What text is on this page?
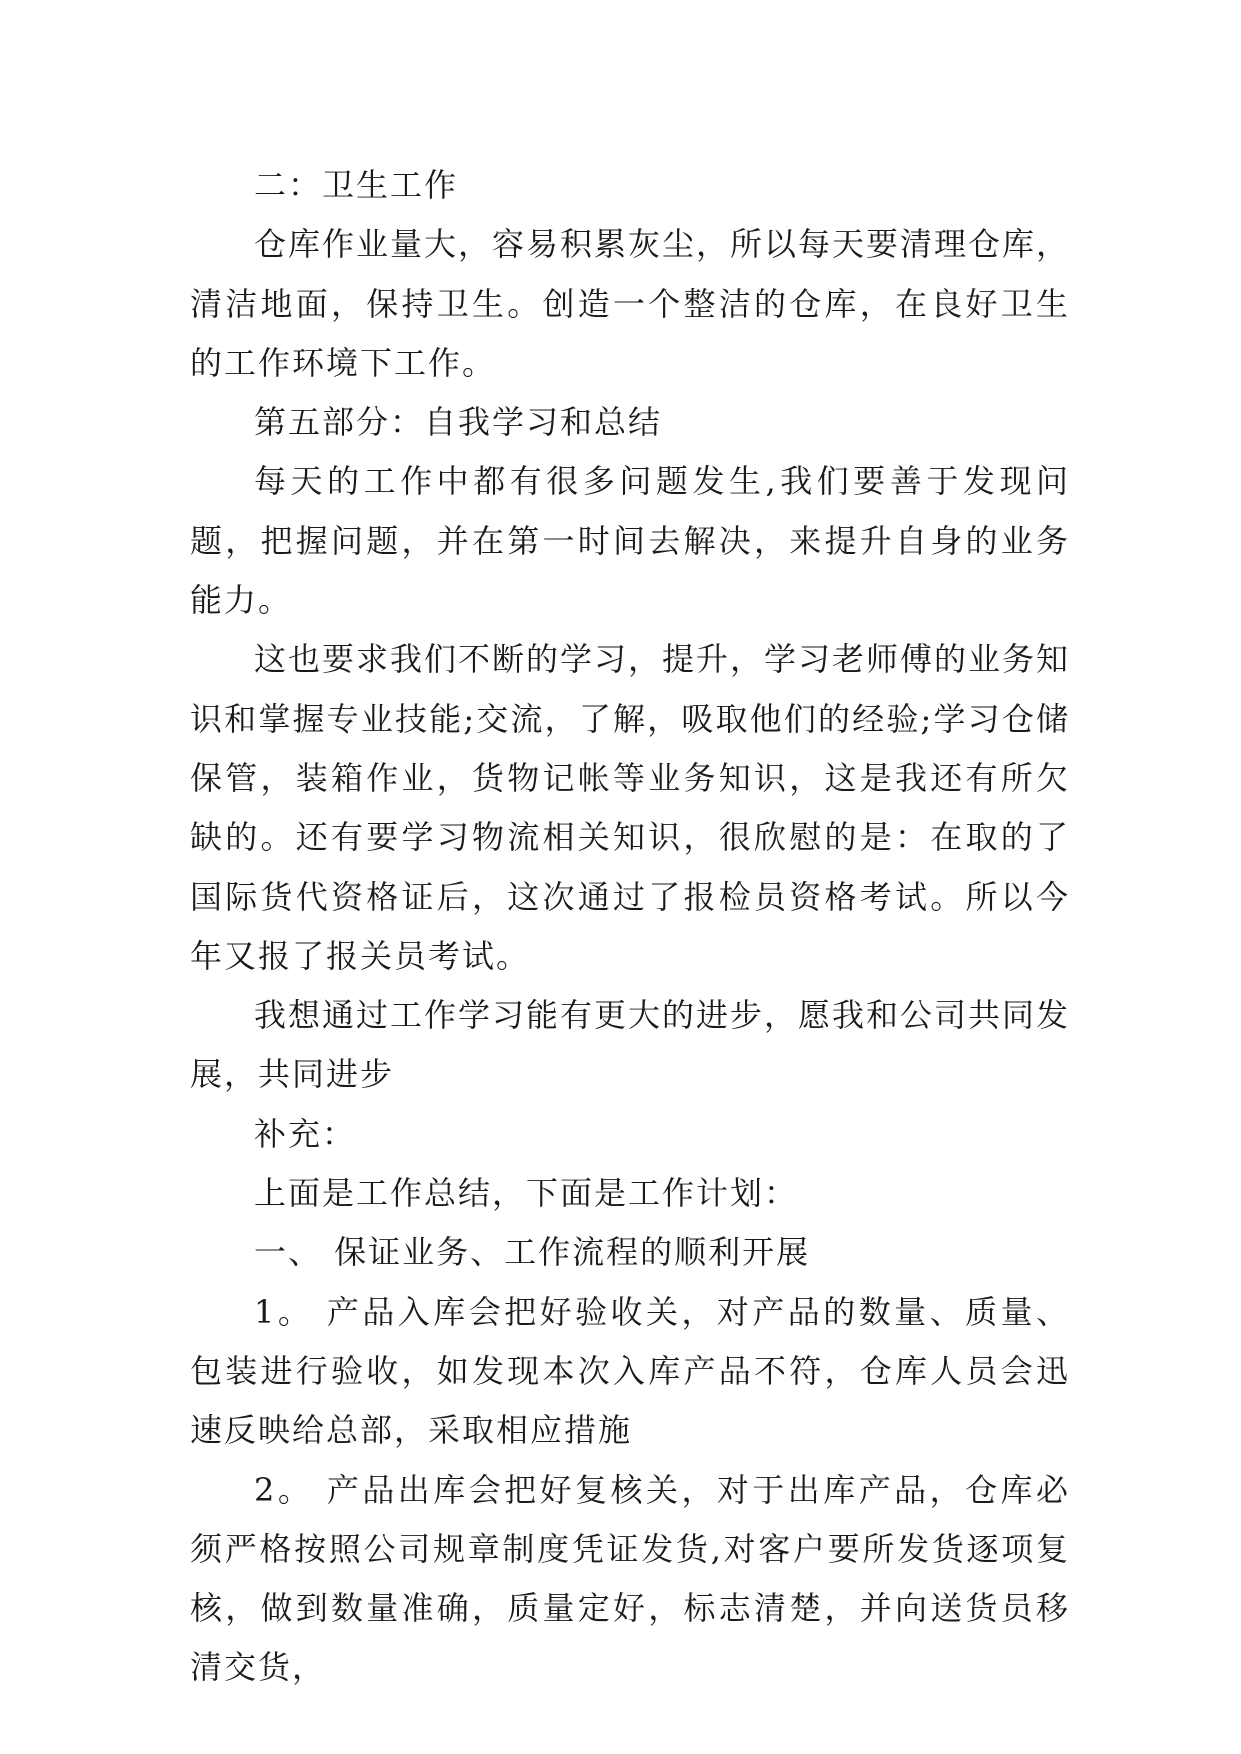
二：卫生工作

仓库作业量大，容易积累灰尘，所以每天要清理仓库，清洁地面，保持卫生。创造一个整洁的仓库，在良好卫生的工作环境下工作。

第五部分：自我学习和总结

每天的工作中都有很多问题发生,我们要善于发现问题，把握问题，并在第一时间去解决，来提升自身的业务能力。

这也要求我们不断的学习，提升，学习老师傅的业务知识和掌握专业技能;交流，了解，吸取他们的经验;学习仓储保管，装箱作业，货物记帐等业务知识，这是我还有所欠缺的。还有要学习物流相关知识，很欣慰的是：在取的了国际货代资格证后，这次通过了报检员资格考试。所以今年又报了报关员考试。

我想通过工作学习能有更大的进步，愿我和公司共同发展，共同进步

补充：

上面是工作总结，下面是工作计划：

一、 保证业务、工作流程的顺利开展

1。 产品入库会把好验收关，对产品的数量、质量、包装进行验收，如发现本次入库产品不符，仓库人员会迅速反映给总部，采取相应措施

2。 产品出库会把好复核关，对于出库产品，仓库必须严格按照公司规章制度凭证发货,对客户要所发货逐项复核，做到数量准确，质量定好，标志清楚，并向送货员移清交货，
